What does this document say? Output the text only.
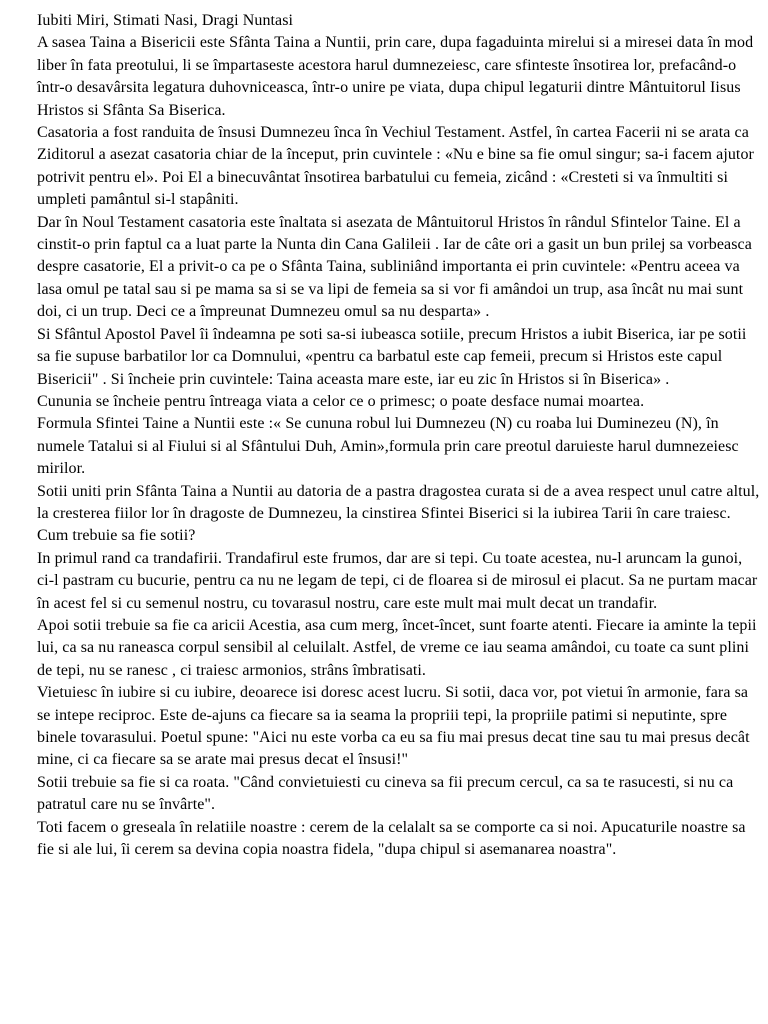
Iubiti Miri, Stimati Nasi, Dragi Nuntasi

A sasea Taina a Bisericii este Sfânta Taina a Nuntii, prin care, dupa fagaduinta mirelui si a miresei data în mod liber în fata preotului, li se împartaseste acestora harul dumnezeiesc, care sfinteste însotirea lor, prefacând-o într-o desavârsita legatura duhovniceasca, într-o unire pe viata, dupa chipul legaturii dintre Mântuitorul Iisus Hristos si Sfânta Sa Biserica.

Casatoria a fost randuita de însusi Dumnezeu înca în Vechiul Testament. Astfel, în cartea Facerii ni se arata ca Ziditorul a asezat casatoria chiar de la început, prin cuvintele : «Nu e bine sa fie omul singur; sa-i facem ajutor potrivit pentru el». Poi El a binecuvântat însotirea barbatului cu femeia, zicând : «Cresteti si va înmultiti si umpleti pamântul si-l stapâniti.

Dar în Noul Testament casatoria este înaltata si asezata de Mântuitorul Hristos în rândul Sfintelor Taine. El a cinstit-o prin faptul ca a luat parte la Nunta din Cana Galileii . Iar de câte ori a gasit un bun prilej sa vorbeasca despre casatorie, El a privit-o ca pe o Sfânta Taina, subliniând importanta ei prin cuvintele: «Pentru aceea va lasa omul pe tatal sau si pe mama sa si se va lipi de femeia sa si vor fi amândoi un trup, asa încât nu mai sunt doi, ci un trup. Deci ce a împreunat Dumnezeu omul sa nu desparta» .

Si Sfântul Apostol Pavel îi îndeamna pe soti sa-si iubeasca sotiile, precum Hristos a iubit Biserica, iar pe sotii sa fie supuse barbatilor lor ca Domnului, «pentru ca barbatul este cap femeii, precum si Hristos este capul Bisericii" . Si încheie prin cuvintele: Taina aceasta mare este, iar eu zic în Hristos si în Biserica» .

Cununia se încheie pentru întreaga viata a celor ce o primesc; o poate desface numai moartea.

Formula Sfintei Taine a Nuntii este :« Se cununa robul lui Dumnezeu (N) cu roaba lui Duminezeu (N), în numele Tatalui si al Fiului si al Sfântului Duh, Amin»,formula prin care preotul daruieste harul dumnezeiesc mirilor.

Sotii uniti prin Sfânta Taina a Nuntii au datoria de a pastra dragostea curata si de a avea respect unul catre altul, la cresterea fiilor lor în dragoste de Dumnezeu, la cinstirea Sfintei Biserici si la iubirea Tarii în care traiesc.

Cum trebuie sa fie sotii?

In primul rand ca trandafirii. Trandafirul este frumos, dar are si tepi. Cu toate acestea, nu-l aruncam la gunoi, ci-l pastram cu bucurie, pentru ca nu ne legam de tepi, ci de floarea si de mirosul ei placut. Sa ne purtam macar în acest fel si cu semenul nostru, cu tovarasul nostru, care este mult mai mult decat un trandafir.

Apoi sotii trebuie sa fie ca aricii Acestia, asa cum merg, încet-încet, sunt foarte atenti. Fiecare ia aminte la tepii lui, ca sa nu raneasca corpul sensibil al celuilalt. Astfel, de vreme ce iau seama amândoi, cu toate ca sunt plini de tepi, nu se ranesc , ci traiesc armonios, strâns îmbratisati.

Vietuiesc în iubire si cu iubire, deoarece isi doresc acest lucru. Si sotii, daca vor, pot vietui în armonie, fara sa se intepe reciproc. Este de-ajuns ca fiecare sa ia seama la propriii tepi, la propriile patimi si neputinte, spre binele tovarasului. Poetul spune: "Aici nu este vorba ca eu sa fiu mai presus decat tine sau tu mai presus decât mine, ci ca fiecare sa se arate mai presus decat el însusi!"

Sotii trebuie sa fie si ca roata. "Când convietuiesti cu cineva sa fii precum cercul, ca sa te rasucesti, si nu ca patratul care nu se învârte".

Toti facem o greseala în relatiile noastre : cerem de la celalalt sa se comporte ca si noi. Apucaturile noastre sa fie si ale lui, îi cerem sa devina copia noastra fidela, "dupa chipul si asemanarea noastra".
